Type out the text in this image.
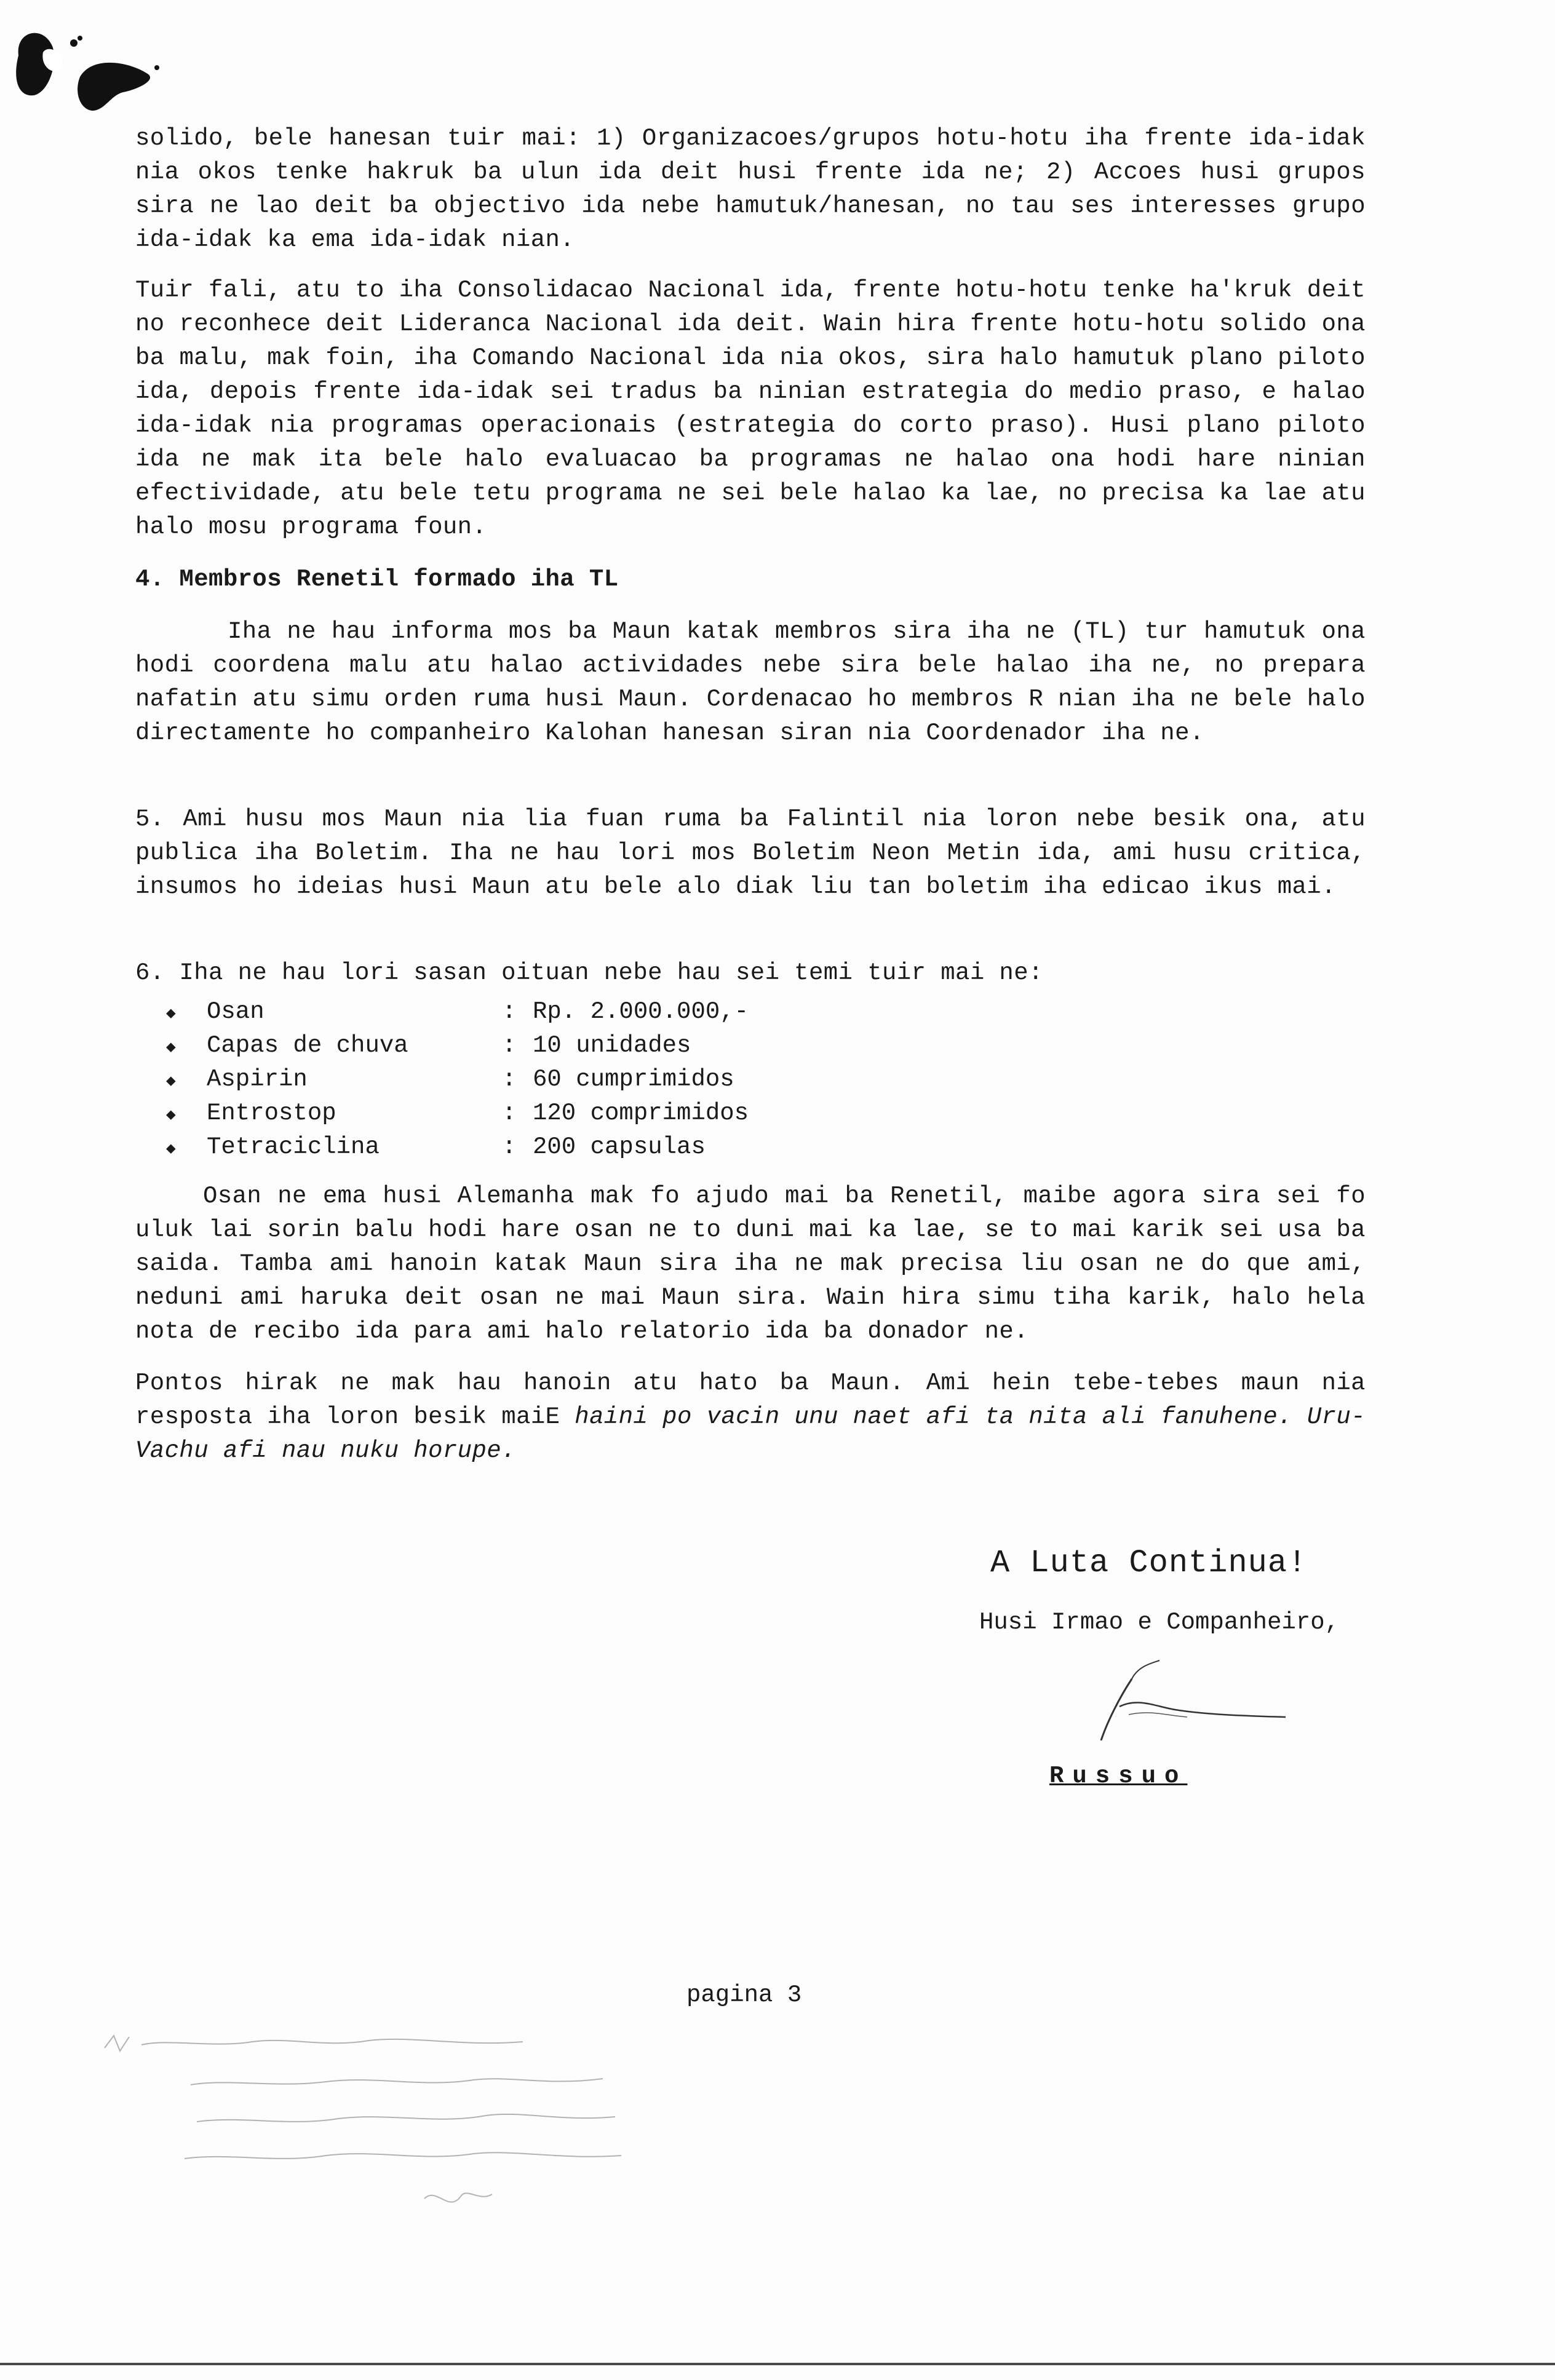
solido, bele hanesan tuir mai: 1) Organizacoes/grupos hotu-hotu iha frente ida-idak nia okos tenke hakruk ba ulun ida deit husi frente ida ne; 2) Accoes husi grupos sira ne lao deit ba objectivo ida nebe hamutuk/hanesan, no tau ses interesses grupo ida-idak ka ema ida-idak nian.

Tuir fali, atu to iha Consolidacao Nacional ida, frente hotu-hotu tenke ha'kruk deit no reconhece deit Lideranca Nacional ida deit. Wain hira frente hotu-hotu solido ona ba malu, mak foin, iha Comando Nacional ida nia okos, sira halo hamutuk plano piloto ida, depois frente ida-idak sei tradus ba ninian estrategia do medio praso, e halao ida-idak nia programas operacionais (estrategia do corto praso). Husi plano piloto ida ne mak ita bele halo evaluacao ba programas ne halao ona hodi hare ninian efectividade, atu bele tetu programa ne sei bele halao ka lae, no precisa ka lae atu halo mosu programa foun.

4. Membros Renetil formado iha TL

Iha ne hau informa mos ba Maun katak membros sira iha ne (TL) tur hamutuk ona hodi coordena malu atu halao actividades nebe sira bele halao iha ne, no prepara nafatin atu simu orden ruma husi Maun. Cordenacao ho membros R nian iha ne bele halo directamente ho companheiro Kalohan hanesan siran nia Coordenador iha ne.

5. Ami husu mos Maun nia lia fuan ruma ba Falintil nia loron nebe besik ona, atu publica iha Boletim. Iha ne hau lori mos Boletim Neon Metin ida, ami husu critica, insumos ho ideias husi Maun atu bele alo diak liu tan boletim iha edicao ikus mai.

6. Iha ne hau lori sasan oituan nebe hau sei temi tuir mai ne:

◆	Osan	: Rp. 2.000.000,-
◆	Capas de chuva	: 10 unidades
◆	Aspirin	: 60 cumprimidos
◆	Entrostop	: 120 comprimidos
◆	Tetraciclina	: 200 capsulas

Osan ne ema husi Alemanha mak fo ajudo mai ba Renetil, maibe agora sira sei fo uluk lai sorin balu hodi hare osan ne to duni mai ka lae, se to mai karik sei usa ba saida. Tamba ami hanoin katak Maun sira iha ne mak precisa liu osan ne do que ami, neduni ami haruka deit osan ne mai Maun sira. Wain hira simu tiha karik, halo hela nota de recibo ida para ami halo relatorio ida ba donador ne.

Pontos hirak ne mak hau hanoin atu hato ba Maun. Ami hein tebe-tebes maun nia resposta iha loron besik maiE haini po vacin unu naet afi ta nita ali fanuhene. Uru-Vachu afi nau nuku horupe.

A Luta Continua!
Husi Irmao e Companheiro,
Russuo
pagina 3
